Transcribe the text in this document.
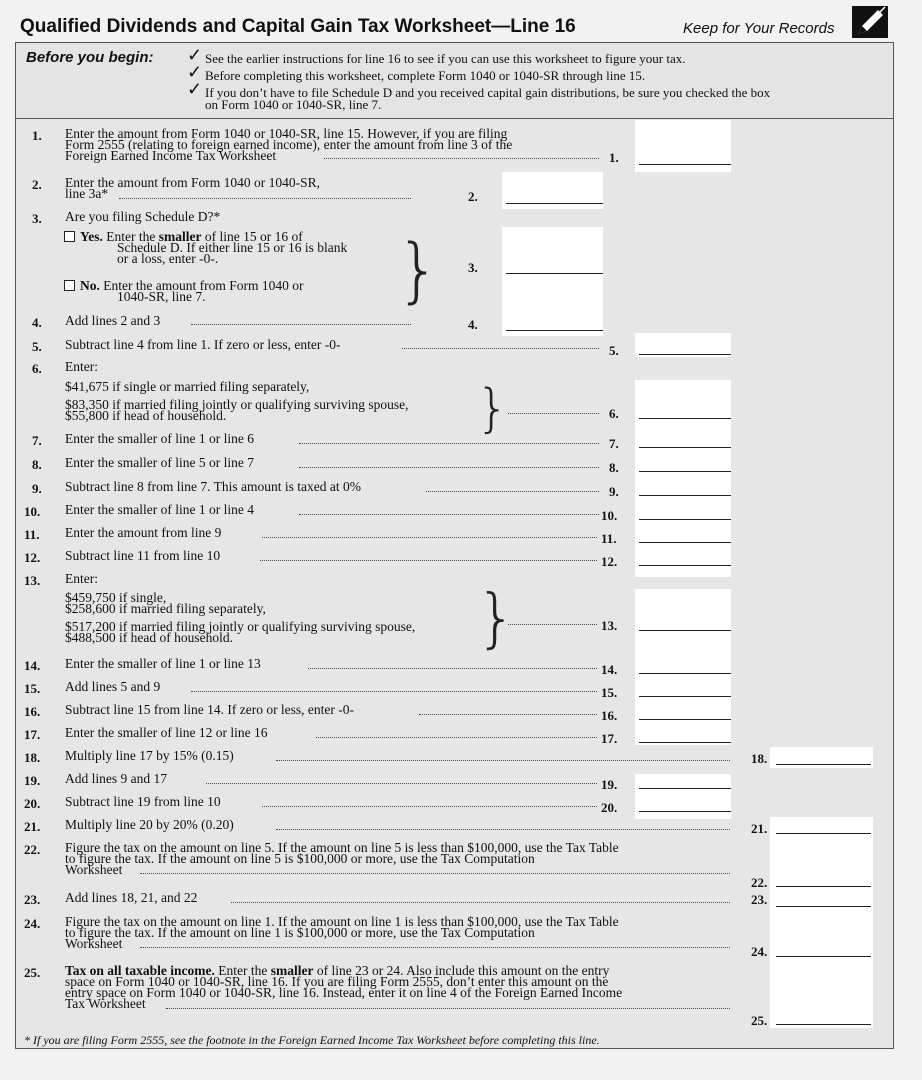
Qualified Dividends and Capital Gain Tax Worksheet—Line 16	Keep for Your Records
Before you begin: ✓
✓
✓
See the earlier instructions for line 16 to see if you can use this worksheet to figure your tax.
Before completing this worksheet, complete Form 1040 or 1040-SR through line 15.
If you don’t have to file Schedule D and you received capital gain distributions, be sure you checked the box
on Form 1040 or 1040-SR, line 7.
1. Enter the amount from Form 1040 or 1040-SR, line 15. However, if you are filing
Form 2555 (relating to foreign earned income), enter the amount from line 3 of the
Foreign Earned Income Tax Worksheet	1.
2. Enter the amount from Form 1040 or 1040-SR,
line 3a*	2.
3. Are you filing Schedule D?*
Yes. Enter the smaller of line 15 or 16 of
Schedule D. If either line 15 or 16 is blank
or a loss, enter -0-.
No. Enter the amount from Form 1040 or
1040-SR, line 7.	} 3.
4. Add lines 2 and 3	4.
5. Subtract line 4 from line 1. If zero or less, enter -0-	5.
6. Enter:
$41,675 if single or married filing separately,
$83,350 if married filing jointly or qualifying surviving spouse,
$55,800 if head of household.	}	6.
7. Enter the smaller of line 1 or line 6	7.
8. Enter the smaller of line 5 or line 7	8.
9. Subtract line 8 from line 7. This amount is taxed at 0%	9.
10. Enter the smaller of line 1 or line 4	10.
11. Enter the amount from line 9	11.
12. Subtract line 11 from line 10	12.
13. Enter:
$459,750 if single,
$258,600 if married filing separately,
$517,200 if married filing jointly or qualifying surviving spouse,
$488,500 if head of household.	}	13.
14. Enter the smaller of line 1 or line 13	14.
15. Add lines 5 and 9	15.
16. Subtract line 15 from line 14. If zero or less, enter -0-	16.
17. Enter the smaller of line 12 or line 16	17.
18. Multiply line 17 by 15% (0.15)	18.
19. Add lines 9 and 17	19.
20. Subtract line 19 from line 10	20.
21. Multiply line 20 by 20% (0.20)	21.
22. Figure the tax on the amount on line 5. If the amount on line 5 is less than $100,000, use the Tax Table
to figure the tax. If the amount on line 5 is $100,000 or more, use the Tax Computation
Worksheet
22.
23. Add lines 18, 21, and 22	23.
24. Figure the tax on the amount on line 1. If the amount on line 1 is less than $100,000, use the Tax Table
to figure the tax. If the amount on line 1 is $100,000 or more, use the Tax Computation
Worksheet
24.
25. Tax on all taxable income. Enter the smaller of line 23 or 24. Also include this amount on the entry
space on Form 1040 or 1040-SR, line 16. If you are filing Form 2555, don’t enter this amount on the
entry space on Form 1040 or 1040-SR, line 16. Instead, enter it on line 4 of the Foreign Earned Income
Tax Worksheet
25.
* If you are filing Form 2555, see the footnote in the Foreign Earned Income Tax Worksheet before completing this line.
